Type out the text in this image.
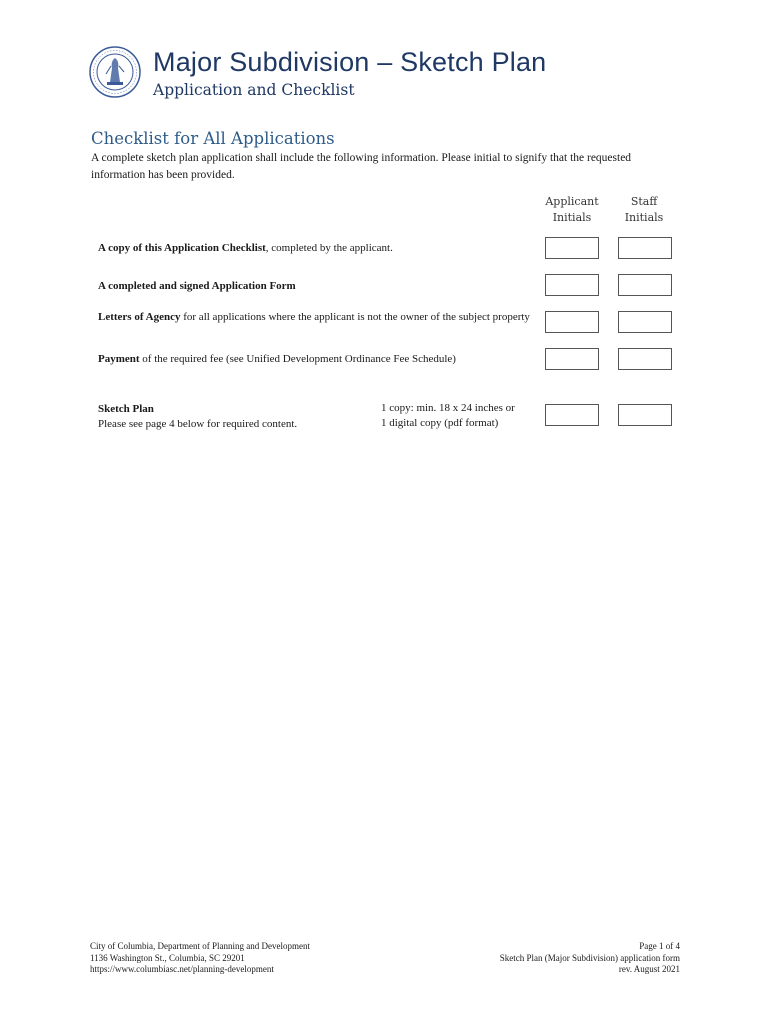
Major Subdivision – Sketch Plan
Application and Checklist
Checklist for All Applications

A complete sketch plan application shall include the following information. Please initial to signify that the requested information has been provided.

Applicant
Initials
Staff
Initials
A copy of this Application Checklist, completed by the applicant.
A completed and signed Application Form
Letters of Agency for all applications where the applicant is not the owner of the subject property
Payment of the required fee (see Unified Development Ordinance Fee Schedule)
Sketch Plan
Please see page 4 below for required content.
1 copy: min. 18 x 24 inches or
1 digital copy (pdf format)
City of Columbia, Department of Planning and Development
1136 Washington St., Columbia, SC 29201
https://www.columbiasc.net/planning-development
Page 1 of 4
Sketch Plan (Major Subdivision) application form
rev. August 2021
